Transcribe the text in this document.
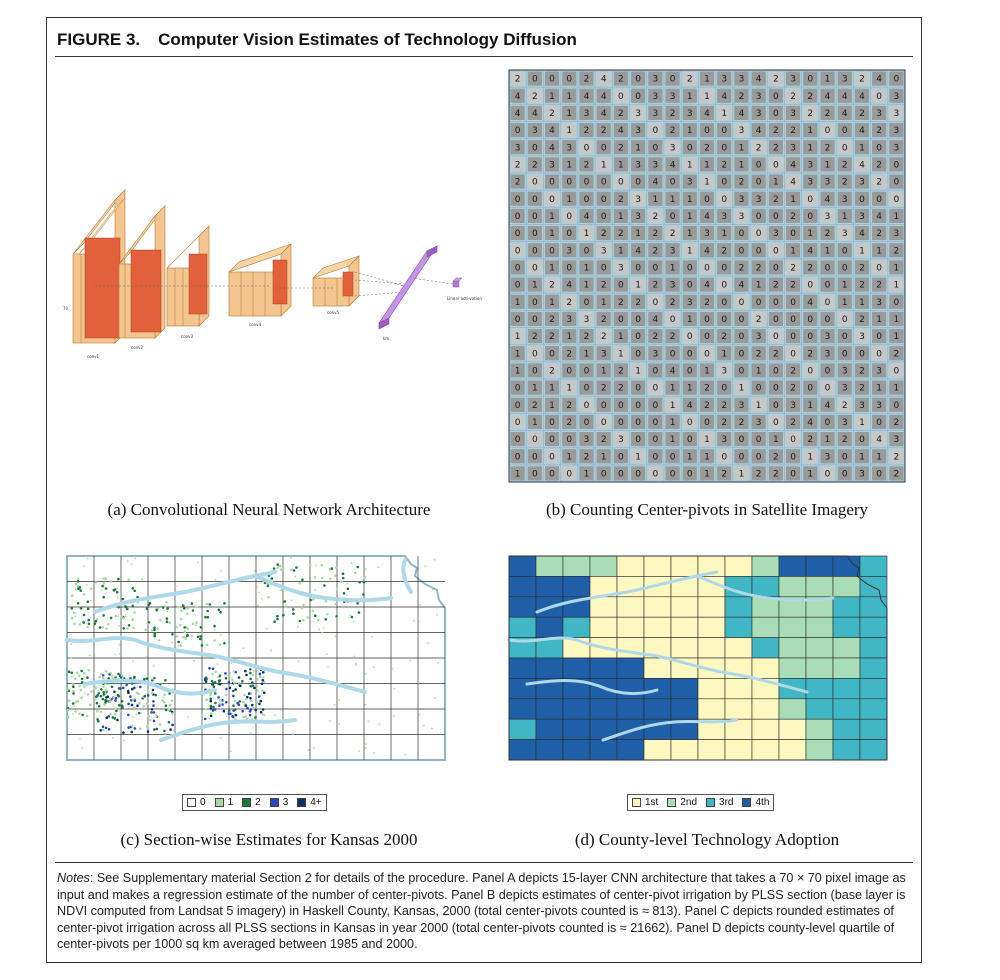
FIGURE 3. Computer Vision Estimates of Technology Diffusion
70
conv1
conv2
conv3
conv4
conv5
km
Linear acti-vation
(a) Convolutional Neural Network Architecture
2 0 0 0 2 4 2 0 3 0 2 1 3 3 4 2 3 0 1 3 2 4 0
4 2 1 1 4 4 0 0 3 3 1 1 4 2 3 0 2 2 4 4 4 0 3
4 4 2 1 3 4 2 3 3 2 3 4 1 4 3 0 3 2 2 4 2 3 3
0 3 4 1 2 2 4 3 0 2 1 0 0 3 4 2 2 1 0 0 4 2 3
3 0 4 3 0 0 2 1 0 3 0 2 0 1 2 2 3 1 2 0 1 0 3
2 2 3 1 2 1 1 3 3 4 1 1 2 1 0 0 4 3 1 2 4 2 0
2 0 0 0 0 0 0 0 4 0 3 1 0 2 0 1 4 3 3 2 3 2 0
0 0 0 1 0 0 2 3 1 1 1 0 0 3 3 2 1 0 4 3 0 0 0
0 0 1 0 4 0 1 3 2 0 1 4 3 3 0 0 2 0 3 1 3 4 1
0 0 1 0 1 2 2 1 2 2 1 3 1 0 0 3 0 1 2 3 4 2 3
0 0 0 3 0 3 1 4 2 3 1 4 2 0 0 0 1 4 1 0 1 1 2
0 0 1 0 1 0 3 0 0 1 0 0 0 2 2 0 2 2 0 0 2 0 1
0 1 2 4 1 2 0 1 2 3 0 4 0 4 1 2 2 0 0 1 2 2 1
1 0 1 2 0 1 2 2 0 2 3 2 0 0 0 0 0 4 0 1 1 3 0
0 0 2 3 3 2 0 0 4 0 1 0 0 0 2 0 0 0 0 0 2 1 1
1 2 2 1 2 2 1 0 2 2 0 0 2 0 3 0 0 0 3 0 3 0 1
1 0 0 2 1 3 1 0 3 0 0 0 1 0 2 2 0 2 3 0 0 0 2
1 0 2 0 0 1 2 1 0 4 0 1 3 0 1 0 2 0 0 3 2 3 0
0 1 1 1 0 2 2 0 0 1 1 2 0 1 0 0 2 0 0 3 2 1 1
0 2 1 2 0 0 0 0 0 1 4 2 2 3 1 0 3 1 4 2 3 3 0
0 1 0 2 0 0 0 0 0 1 0 0 2 2 3 0 2 4 0 3 1 0 2
0 0 0 0 3 2 3 0 0 1 0 1 3 0 0 1 0 2 1 2 0 4 3
0 0 0 1 2 1 0 1 0 0 1 1 0 0 0 2 0 1 3 0 1 1 2
1 0 0 0 1 0 0 0 0 0 0 1 2 1 2 2 0 1 0 0 3 0 2
(b) Counting Center-pivots in Satellite Imagery
0 1 2 3 4+
(c) Section-wise Estimates for Kansas 2000
1st 2nd 3rd 4th
(d) County-level Technology Adoption
Notes: See Supplementary material Section 2 for details of the procedure. Panel A depicts 15-layer CNN architecture that takes a 70 × 70 pixel image as input and makes a regression estimate of the number of center-pivots. Panel B depicts estimates of center-pivot irrigation by PLSS section (base layer is NDVI computed from Landsat 5 imagery) in Haskell County, Kansas, 2000 (total center-pivots counted is ≈ 813). Panel C depicts rounded estimates of center-pivot irrigation across all PLSS sections in Kansas in year 2000 (total center-pivots counted is ≈ 21662). Panel D depicts county-level quartile of center-pivots per 1000 sq km averaged between 1985 and 2000.
